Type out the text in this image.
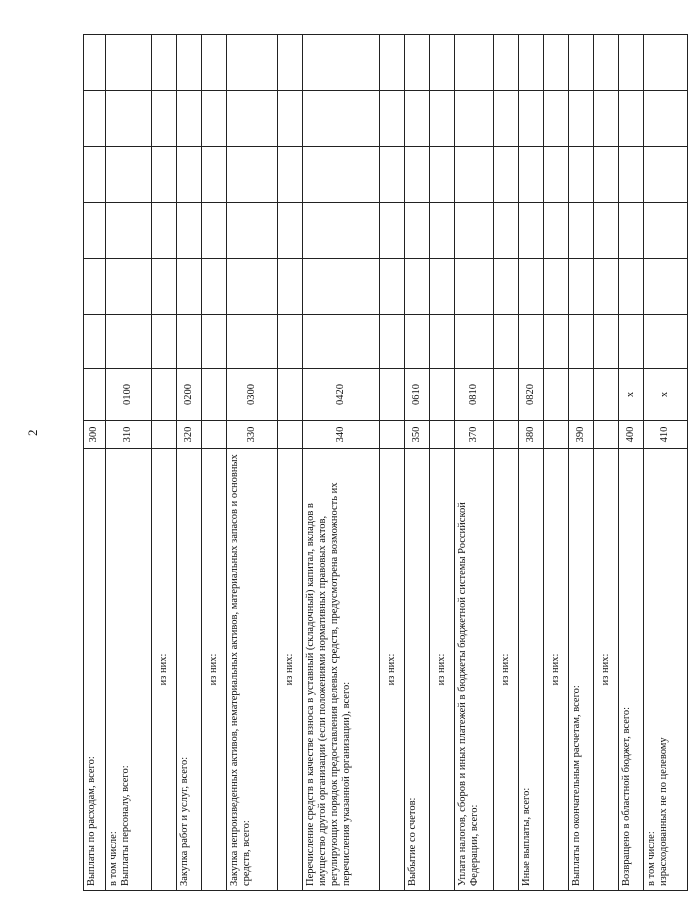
2
Выплаты по расходам, всего:	300							

в том числе: Выплаты персоналу, всего:	310	0100						

из них:								

Закупка работ и услуг, всего:	320	0200						

из них:								

Закупка непроизведенных активов, нематериальных активов, материальных запасов и основных средств, всего:	330	0300						

из них:								

Перечисление средств в качестве взноса в уставный (складочный) капитал, вкладов в имущество другой организации (если положениями нормативных правовых актов, регулирующих порядок предоставления целевых средств, предусмотрена возможность их перечисления указанной организации), всего:	340	0420						

из них:								

Выбытие со счетов:	350	0610						

из них:								

Уплата налогов, сборов и иных платежей в бюджеты бюджетной системы Российской Федерации, всего:	370	0810						

из них:								

Иные выплаты, всего:	380	0820						

из них:								

Выплаты по окончательным расчетам, всего:	390							

из них:								

Возвращено в областной бюджет, всего:	400	x						

в том числе: израсходованных не по целевому	410	x						
